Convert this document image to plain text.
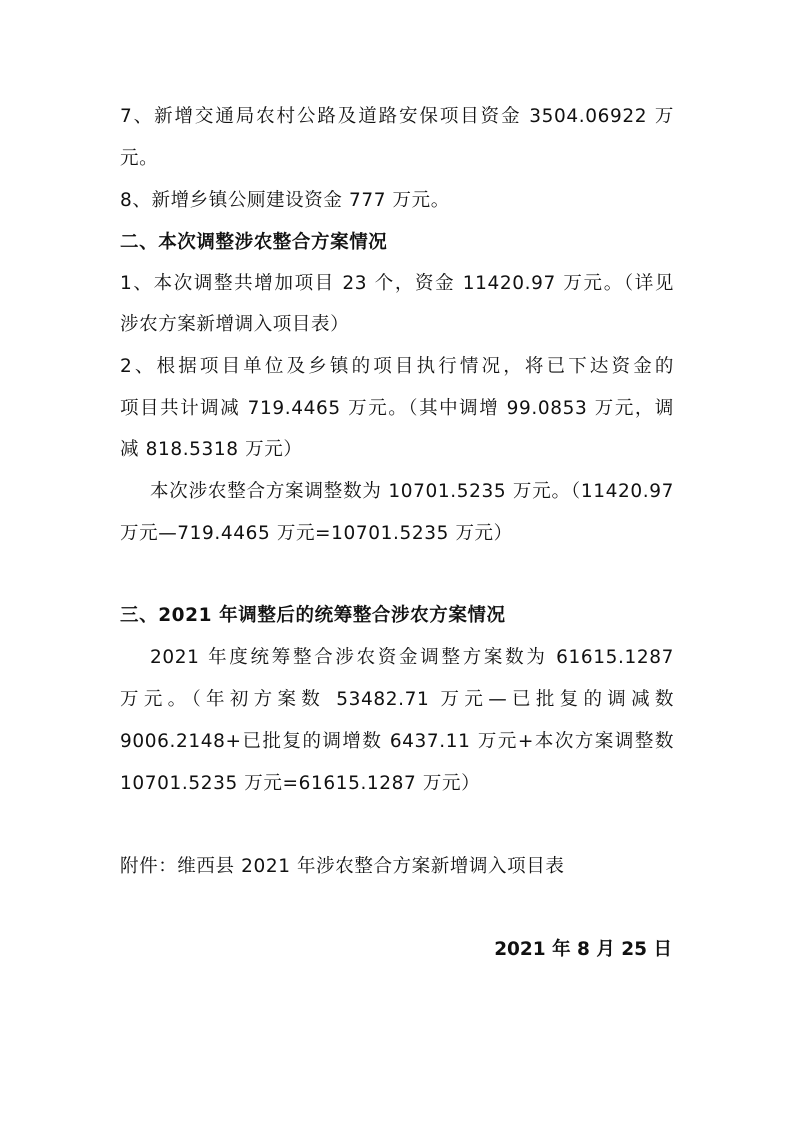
7、新增交通局农村公路及道路安保项目资金 3504.06922 万
元。
8、新增乡镇公厕建设资金 777 万元。
二、本次调整涉农整合方案情况
1、本次调整共增加项目 23 个，资金 11420.97 万元。（详见
涉农方案新增调入项目表）
2、根据项目单位及乡镇的项目执行情况，将已下达资金的
项目共计调减 719.4465 万元。（其中调增 99.0853 万元，调
减 818.5318 万元）
本次涉农整合方案调整数为 10701.5235 万元。（11420.97
万元—719.4465 万元=10701.5235 万元）
三、2021 年调整后的统筹整合涉农方案情况
2021 年度统筹整合涉农资金调整方案数为 61615.1287
万元。（年初方案数 53482.71 万元—已批复的调减数
9006.2148+已批复的调增数 6437.11 万元+本次方案调整数
10701.5235 万元=61615.1287 万元）
附件：维西县 2021 年涉农整合方案新增调入项目表
2021 年 8 月 25 日
